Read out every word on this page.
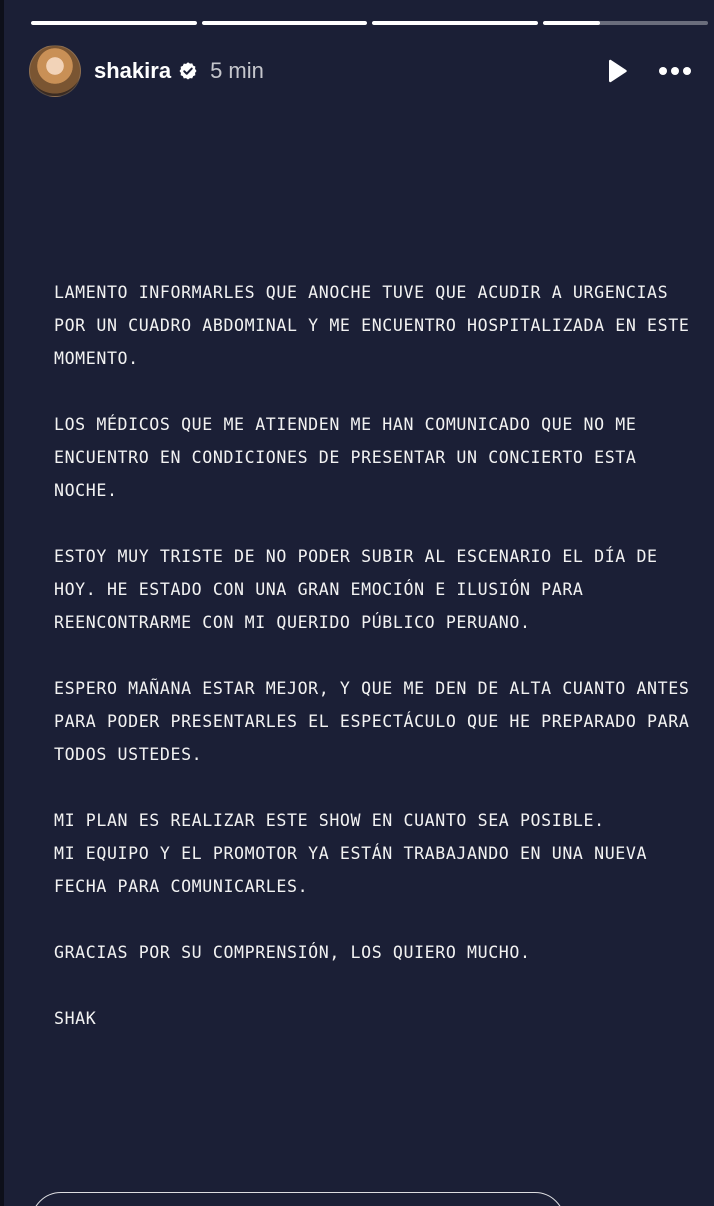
shakira 5 min

LAMENTO INFORMARLES QUE ANOCHE TUVE QUE ACUDIR A URGENCIAS
POR UN CUADRO ABDOMINAL Y ME ENCUENTRO HOSPITALIZADA EN ESTE
MOMENTO.

LOS MÉDICOS QUE ME ATIENDEN ME HAN COMUNICADO QUE NO ME
ENCUENTRO EN CONDICIONES DE PRESENTAR UN CONCIERTO ESTA
NOCHE.

ESTOY MUY TRISTE DE NO PODER SUBIR AL ESCENARIO EL DÍA DE
HOY. HE ESTADO CON UNA GRAN EMOCIÓN E ILUSIÓN PARA
REENCONTRARME CON MI QUERIDO PÚBLICO PERUANO.

ESPERO MAÑANA ESTAR MEJOR, Y QUE ME DEN DE ALTA CUANTO ANTES
PARA PODER PRESENTARLES EL ESPECTÁCULO QUE HE PREPARADO PARA
TODOS USTEDES.

MI PLAN ES REALIZAR ESTE SHOW EN CUANTO SEA POSIBLE.
MI EQUIPO Y EL PROMOTOR YA ESTÁN TRABAJANDO EN UNA NUEVA
FECHA PARA COMUNICARLES.

GRACIAS POR SU COMPRENSIÓN, LOS QUIERO MUCHO.

SHAK
